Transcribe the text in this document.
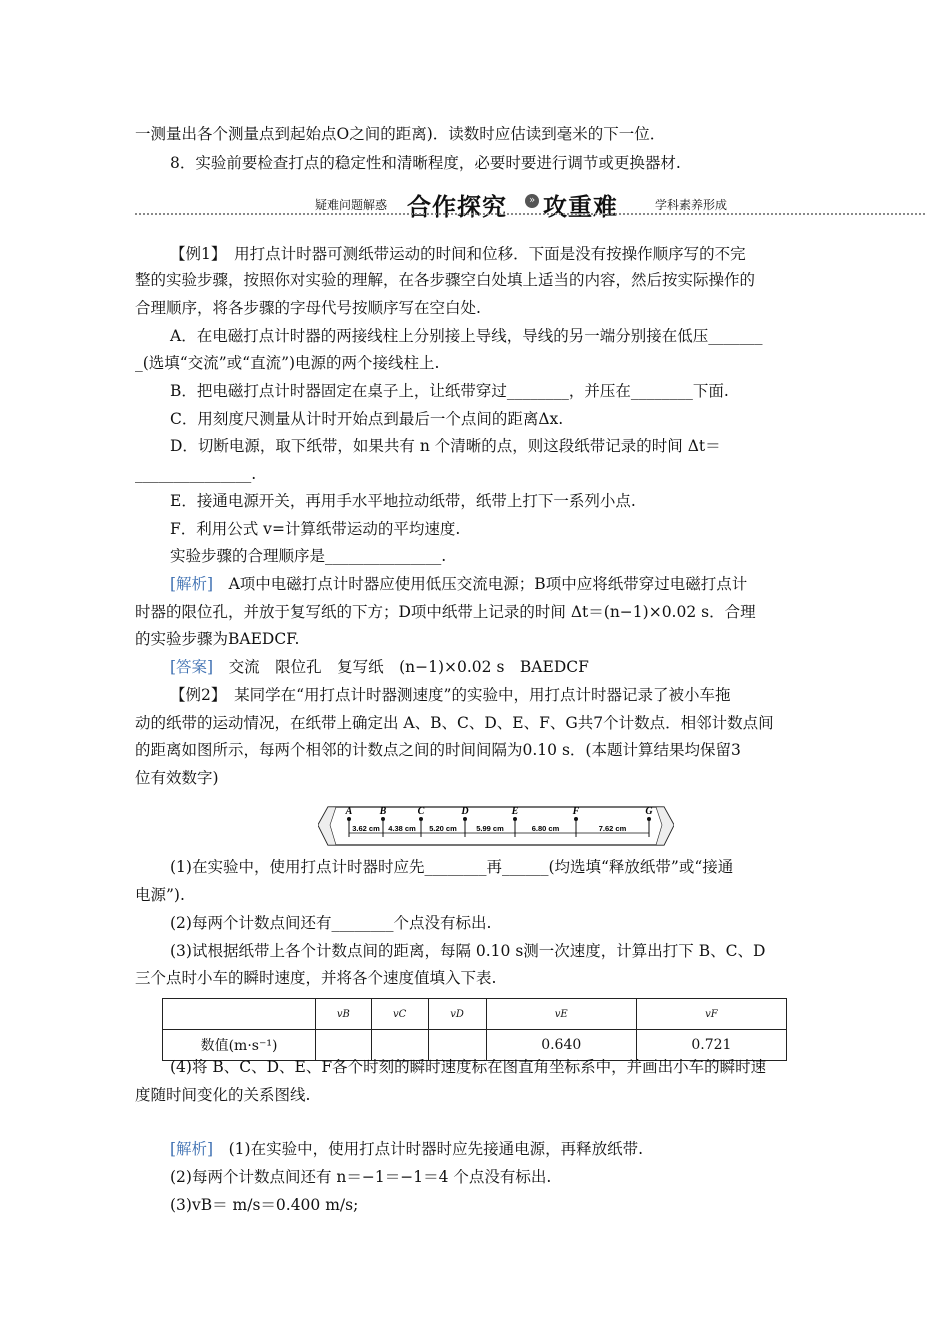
一测量出各个测量点到起始点O之间的距离)．读数时应估读到毫米的下一位．
8．实验前要检查打点的稳定性和清晰程度，必要时要进行调节或更换器材.
疑难问题解惑 合作探究	» 攻重难	学科素养形成
【例1】　用打点计时器可测纸带运动的时间和位移．下面是没有按操作顺序写的不完
整的实验步骤，按照你对实验的理解，在各步骤空白处填上适当的内容，然后按实际操作的
合理顺序，将各步骤的字母代号按顺序写在空白处.
A．在电磁打点计时器的两接线柱上分别接上导线，导线的另一端分别接在低压_______
_(选填“交流”或“直流”)电源的两个接线柱上.
B．把电磁打点计时器固定在桌子上，让纸带穿过________，并压在________下面.
C．用刻度尺测量从计时开始点到最后一个点间的距离Δx.
D．切断电源，取下纸带，如果共有 n 个清晰的点，则这段纸带记录的时间 Δt＝
_______________.
E．接通电源开关，再用手水平地拉动纸带，纸带上打下一系列小点.
F．利用公式 v=计算纸带运动的平均速度.
实验步骤的合理顺序是_______________.
[解析]　A项中电磁打点计时器应使用低压交流电源；B项中应将纸带穿过电磁打点计
时器的限位孔，并放于复写纸的下方；D项中纸带上记录的时间 Δt＝(n−1)×0.02 s．合理
的实验步骤为BAEDCF.
[答案]　交流　限位孔　复写纸　(n−1)×0.02 s　BAEDCF
【例2】　某同学在“用打点计时器测速度”的实验中，用打点计时器记录了被小车拖
动的纸带的运动情况，在纸带上确定出 A、B、C、D、E、F、G共7个计数点．相邻计数点间
的距离如图所示，每两个相邻的计数点之间的时间间隔为0.10 s．(本题计算结果均保留3
位有效数字)
A	B	C	D	E	F	G
3.62 cm 4.38 cm 5.20 cm	5.99 cm	6.80 cm	7.62 cm
(1)在实验中，使用打点计时器时应先________再______(均选填“释放纸带”或“接通
电源”).
(2)每两个计数点间还有________个点没有标出.
(3)试根据纸带上各个计数点间的距离，每隔 0.10 s测一次速度，计算出打下 B、C、D
三个点时小车的瞬时速度，并将各个速度值填入下表.
	vB	vC	vD	vE	vF
数值(m·s⁻¹)				0.640	0.721
(4)将 B、C、D、E、F各个时刻的瞬时速度标在图直角坐标系中，并画出小车的瞬时速
度随时间变化的关系图线.
[解析]　(1)在实验中，使用打点计时器时应先接通电源，再释放纸带.
(2)每两个计数点间还有 n＝−1＝−1＝4 个点没有标出.
(3)vB＝ m/s＝0.400 m/s;
